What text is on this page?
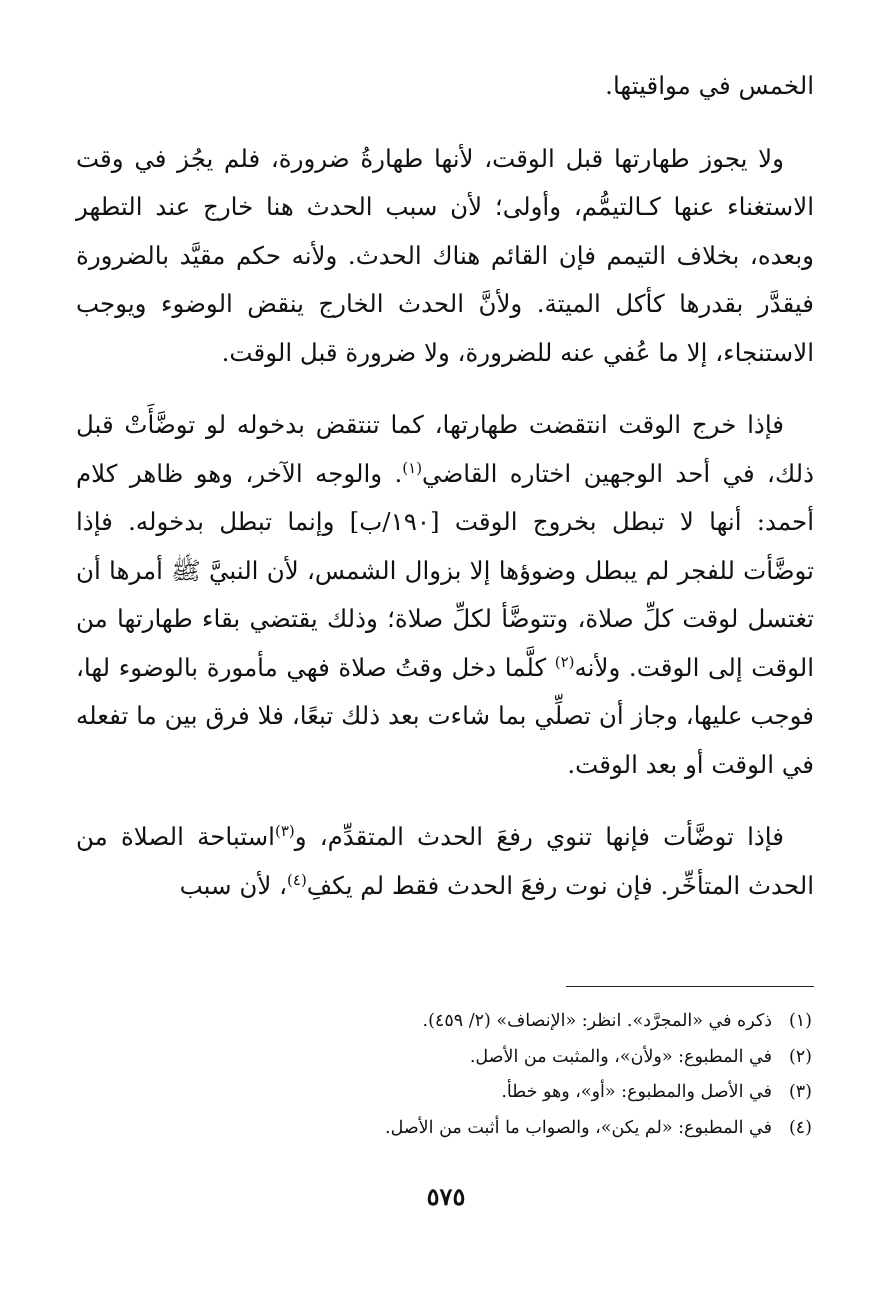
الخمس في مواقيتها.

ولا يجوز طهارتها قبل الوقت، لأنها طهارةُ ضرورة، فلم يجُز في وقت الاستغناء عنها كـالتيمُّم، وأولى؛ لأن سبب الحدث هنا خارج عند التطهر وبعده، بخلاف التيمم فإن القائم هناك الحدث. ولأنه حكم مقيَّد بالضرورة فيقدَّر بقدرها كأكل الميتة. ولأنَّ الحدث الخارج ينقض الوضوء ويوجب الاستنجاء، إلا ما عُفي عنه للضرورة، ولا ضرورة قبل الوقت.

فإذا خرج الوقت انتقضت طهارتها، كما تنتقض بدخوله لو توضَّأَتْ قبل ذلك، في أحد الوجهين اختاره القاضي$^{(١)}$. والوجه الآخر، وهو ظاهر كلام أحمد: أنها لا تبطل بخروج الوقت [١٩٠/ب] وإنما تبطل بدخوله. فإذا توضَّأت للفجر لم يبطل وضوؤها إلا بزوال الشمس، لأن النبيَّ ﷺ أمرها أن تغتسل لوقت كلِّ صلاة، وتتوضَّأ لكلِّ صلاة؛ وذلك يقتضي بقاء طهارتها من الوقت إلى الوقت. ولأنه$^{(٢)}$ كلَّما دخل وقتُ صلاة فهي مأمورة بالوضوء لها، فوجب عليها، وجاز أن تصلِّي بما شاءت بعد ذلك تبعًا، فلا فرق بين ما تفعله في الوقت أو بعد الوقت.

فإذا توضَّأت فإنها تنوي رفعَ الحدث المتقدِّم، و$^{(٣)}$استباحة الصلاة من الحدث المتأخِّر. فإن نوت رفعَ الحدث فقط لم يكفِ$^{(٤)}$، لأن سبب

(١)
ذكره في «المجرَّد». انظر: «الإنصاف» (٢/ ٤٥٩).
(٢)
في المطبوع: «ولأن»، والمثبت من الأصل.
(٣)
في الأصل والمطبوع: «أو»، وهو خطأ.
(٤)
في المطبوع: «لم يكن»، والصواب ما أثبت من الأصل.
٥٧٥
